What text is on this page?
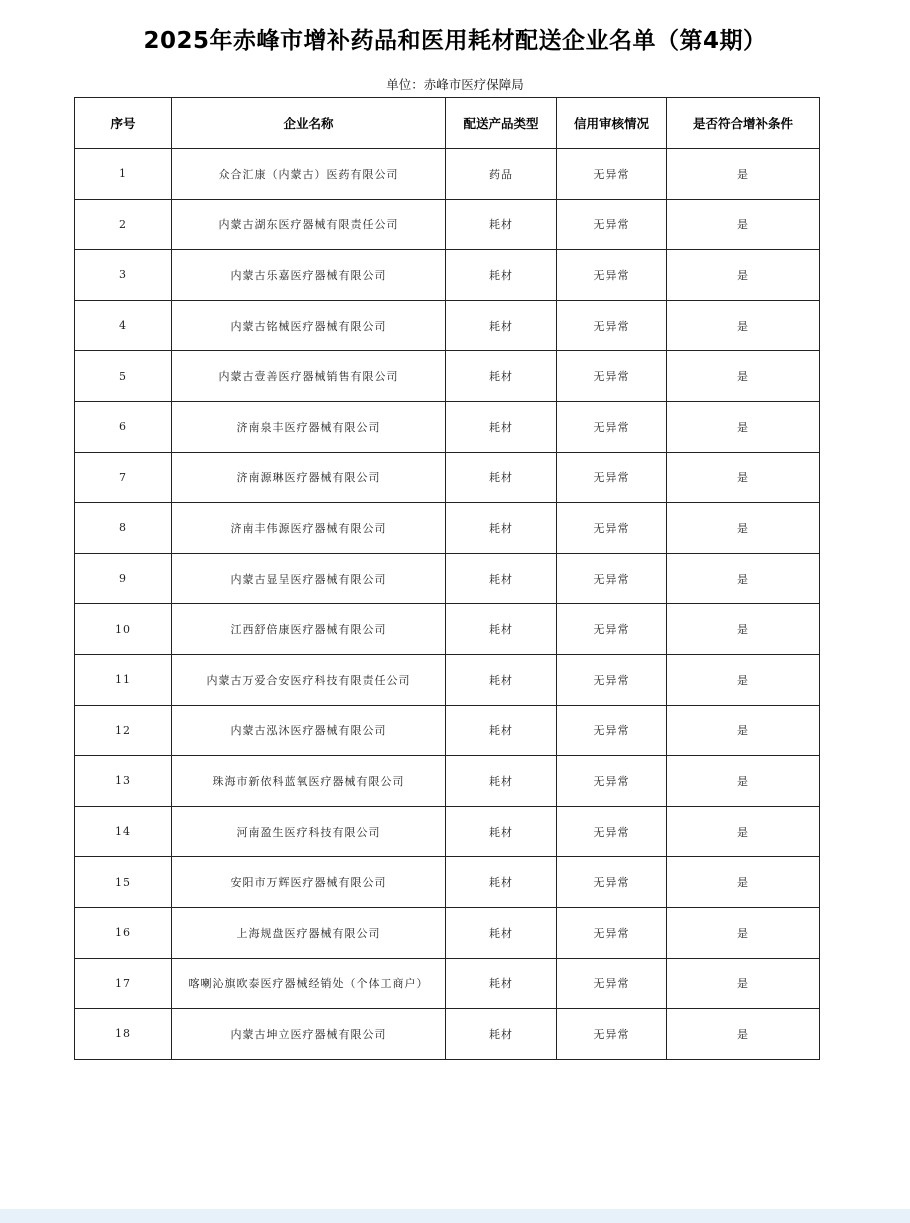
2025年赤峰市增补药品和医用耗材配送企业名单（第4期）
单位：赤峰市医疗保障局
序号	企业名称	配送产品类型	信用审核情况	是否符合增补条件
1	众合汇康（内蒙古）医药有限公司	药品	无异常	是
2	内蒙古湖东医疗器械有限责任公司	耗材	无异常	是
3	内蒙古乐嘉医疗器械有限公司	耗材	无异常	是
4	内蒙古铭械医疗器械有限公司	耗材	无异常	是
5	内蒙古壹善医疗器械销售有限公司	耗材	无异常	是
6	济南泉丰医疗器械有限公司	耗材	无异常	是
7	济南源琳医疗器械有限公司	耗材	无异常	是
8	济南丰伟源医疗器械有限公司	耗材	无异常	是
9	内蒙古显呈医疗器械有限公司	耗材	无异常	是
10	江西舒倍康医疗器械有限公司	耗材	无异常	是
11	内蒙古万爱合安医疗科技有限责任公司	耗材	无异常	是
12	内蒙古泓沐医疗器械有限公司	耗材	无异常	是
13	珠海市新依科蓝氧医疗器械有限公司	耗材	无异常	是
14	河南盈生医疗科技有限公司	耗材	无异常	是
15	安阳市万辉医疗器械有限公司	耗材	无异常	是
16	上海规盘医疗器械有限公司	耗材	无异常	是
17	喀喇沁旗欧泰医疗器械经销处（个体工商户）	耗材	无异常	是
18	内蒙古坤立医疗器械有限公司	耗材	无异常	是
